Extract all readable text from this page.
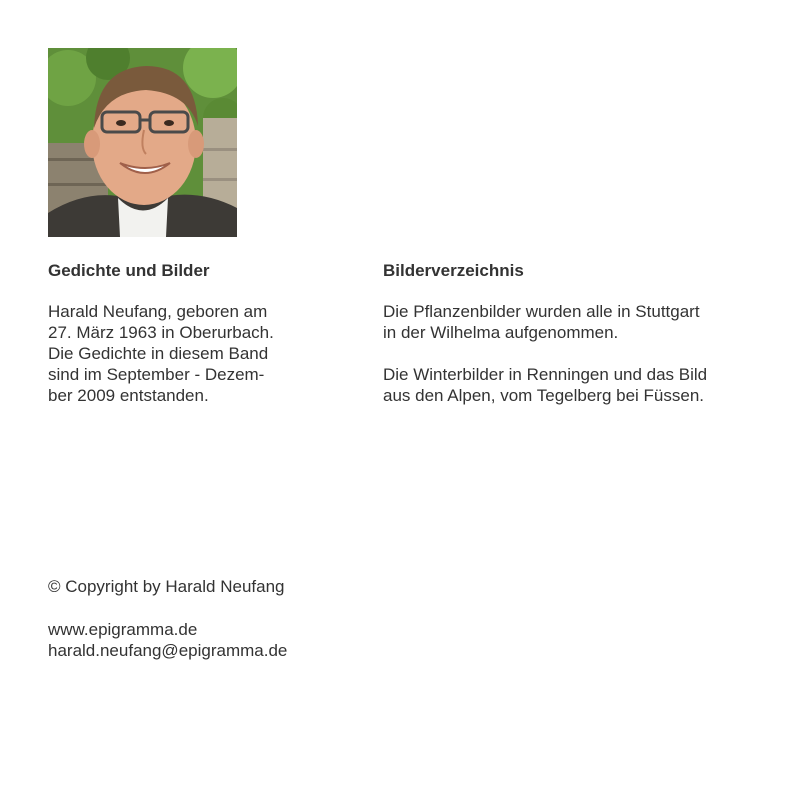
Gedichte und Bilder
Harald Neufang, geboren am
27. März 1963 in Oberurbach.
Die Gedichte in diesem Band
sind im September - Dezem-
ber 2009 entstanden.
Bilderverzeichnis
Die Pflanzenbilder wurden alle in Stuttgart
in der Wilhelma aufgenommen.
Die Winterbilder in Renningen und das Bild
aus den Alpen, vom Tegelberg bei Füssen.
© Copyright by Harald Neufang
www.epigramma.de
harald.neufang@epigramma.de
